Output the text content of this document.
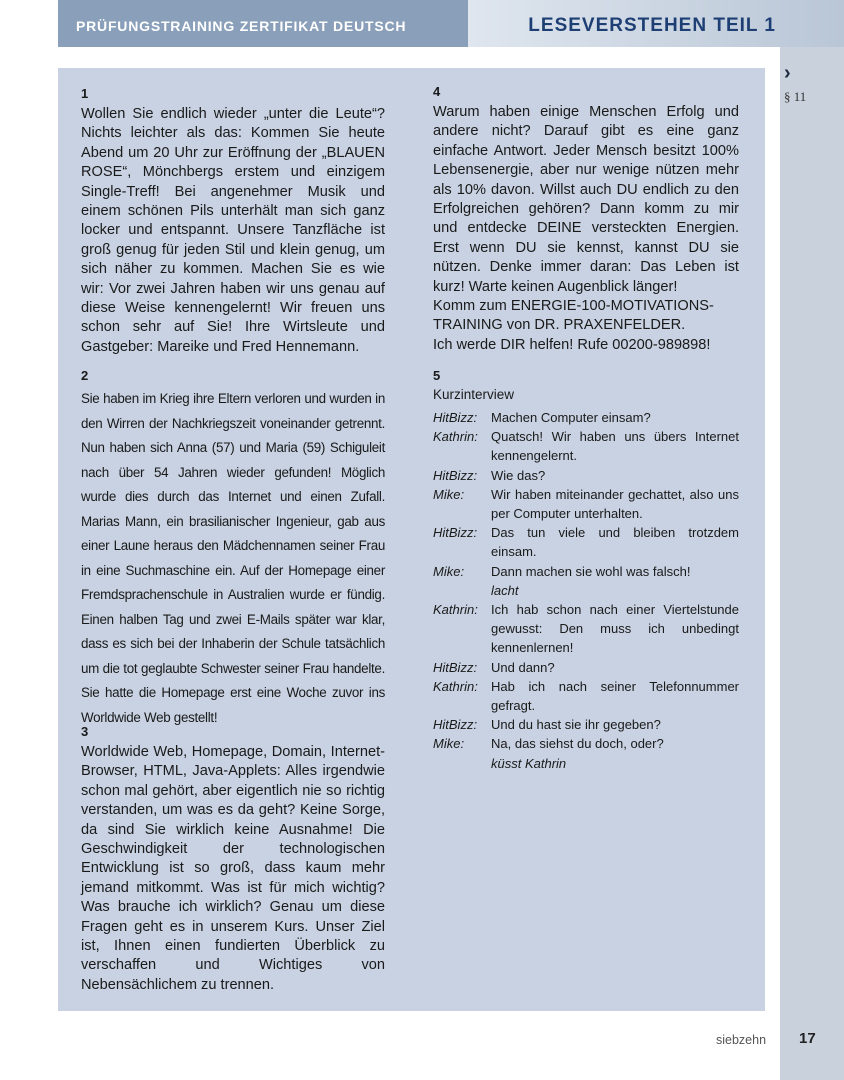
PRÜFUNGSTRAINING ZERTIFIKAT DEUTSCH	LESEVERSTEHEN TEIL 1
›
§ 11
1

Wollen Sie endlich wieder „unter die Leute“? Nichts leichter als das: Kommen Sie heute Abend um 20 Uhr zur Eröffnung der „BLAUEN ROSE“, Mönchbergs erstem und einzigem Single-Treff! Bei angenehmer Musik und einem schönen Pils unterhält man sich ganz locker und entspannt. Unsere Tanzfläche ist groß genug für jeden Stil und klein genug, um sich näher zu kommen. Machen Sie es wie wir: Vor zwei Jahren haben wir uns genau auf diese Weise kennengelernt! Wir freuen uns schon sehr auf Sie! Ihre Wirtsleute und Gastgeber: Mareike und Fred Hennemann.

2

Sie haben im Krieg ihre Eltern verloren und wurden in den Wirren der Nachkriegszeit voneinander getrennt. Nun haben sich Anna (57) und Maria (59) Schiguleit nach über 54 Jahren wieder gefunden! Möglich wurde dies durch das Internet und einen Zufall. Marias Mann, ein brasilianischer Ingenieur, gab aus einer Laune heraus den Mädchennamen seiner Frau in eine Suchmaschine ein. Auf der Homepage einer Fremdsprachenschule in Australien wurde er fündig. Einen halben Tag und zwei E-Mails später war klar, dass es sich bei der Inhaberin der Schule tatsächlich um die tot geglaubte Schwester seiner Frau handelte. Sie hatte die Homepage erst eine Woche zuvor ins Worldwide Web gestellt!

3

Worldwide Web, Homepage, Domain, Internet-Browser, HTML, Java-Applets: Alles irgendwie schon mal gehört, aber eigentlich nie so richtig verstanden, um was es da geht? Keine Sorge, da sind Sie wirklich keine Ausnahme! Die Geschwindigkeit der technologischen Entwicklung ist so groß, dass kaum mehr jemand mitkommt. Was ist für mich wichtig? Was brauche ich wirklich? Genau um diese Fragen geht es in unserem Kurs. Unser Ziel ist, Ihnen einen fundierten Überblick zu verschaffen und Wichtiges von Nebensächlichem zu trennen.

4

Warum haben einige Menschen Erfolg und andere nicht? Darauf gibt es eine ganz einfache Antwort. Jeder Mensch besitzt 100% Lebensenergie, aber nur wenige nützen mehr als 10% davon. Willst auch DU endlich zu den Erfolgreichen gehören? Dann komm zu mir und entdecke DEINE versteckten Energien. Erst wenn DU sie kennst, kannst DU sie nützen. Denke immer daran: Das Leben ist kurz! Warte keinen Augenblick länger!

Komm zum ENERGIE-100-MOTIVATIONS-TRAINING von DR. PRAXENFELDER.

Ich werde DIR helfen! Rufe 00200-989898!

5
Kurzinterview
HitBizz:	Machen Computer einsam?
Kathrin:	Quatsch! Wir haben uns übers Internet kennengelernt.
HitBizz:	Wie das?
Mike:	Wir haben miteinander gechattet, also uns per Computer unterhalten.
HitBizz:	Das tun viele und bleiben trotzdem einsam.
Mike:	Dann machen sie wohl was falsch!
lacht
Kathrin:	Ich hab schon nach einer Viertelstunde gewusst: Den muss ich unbedingt kennenlernen!
HitBizz:	Und dann?
Kathrin:	Hab ich nach seiner Telefonnummer gefragt.
HitBizz:	Und du hast sie ihr gegeben?
Mike:	Na, das siehst du doch, oder?
küsst Kathrin
siebzehn 17
